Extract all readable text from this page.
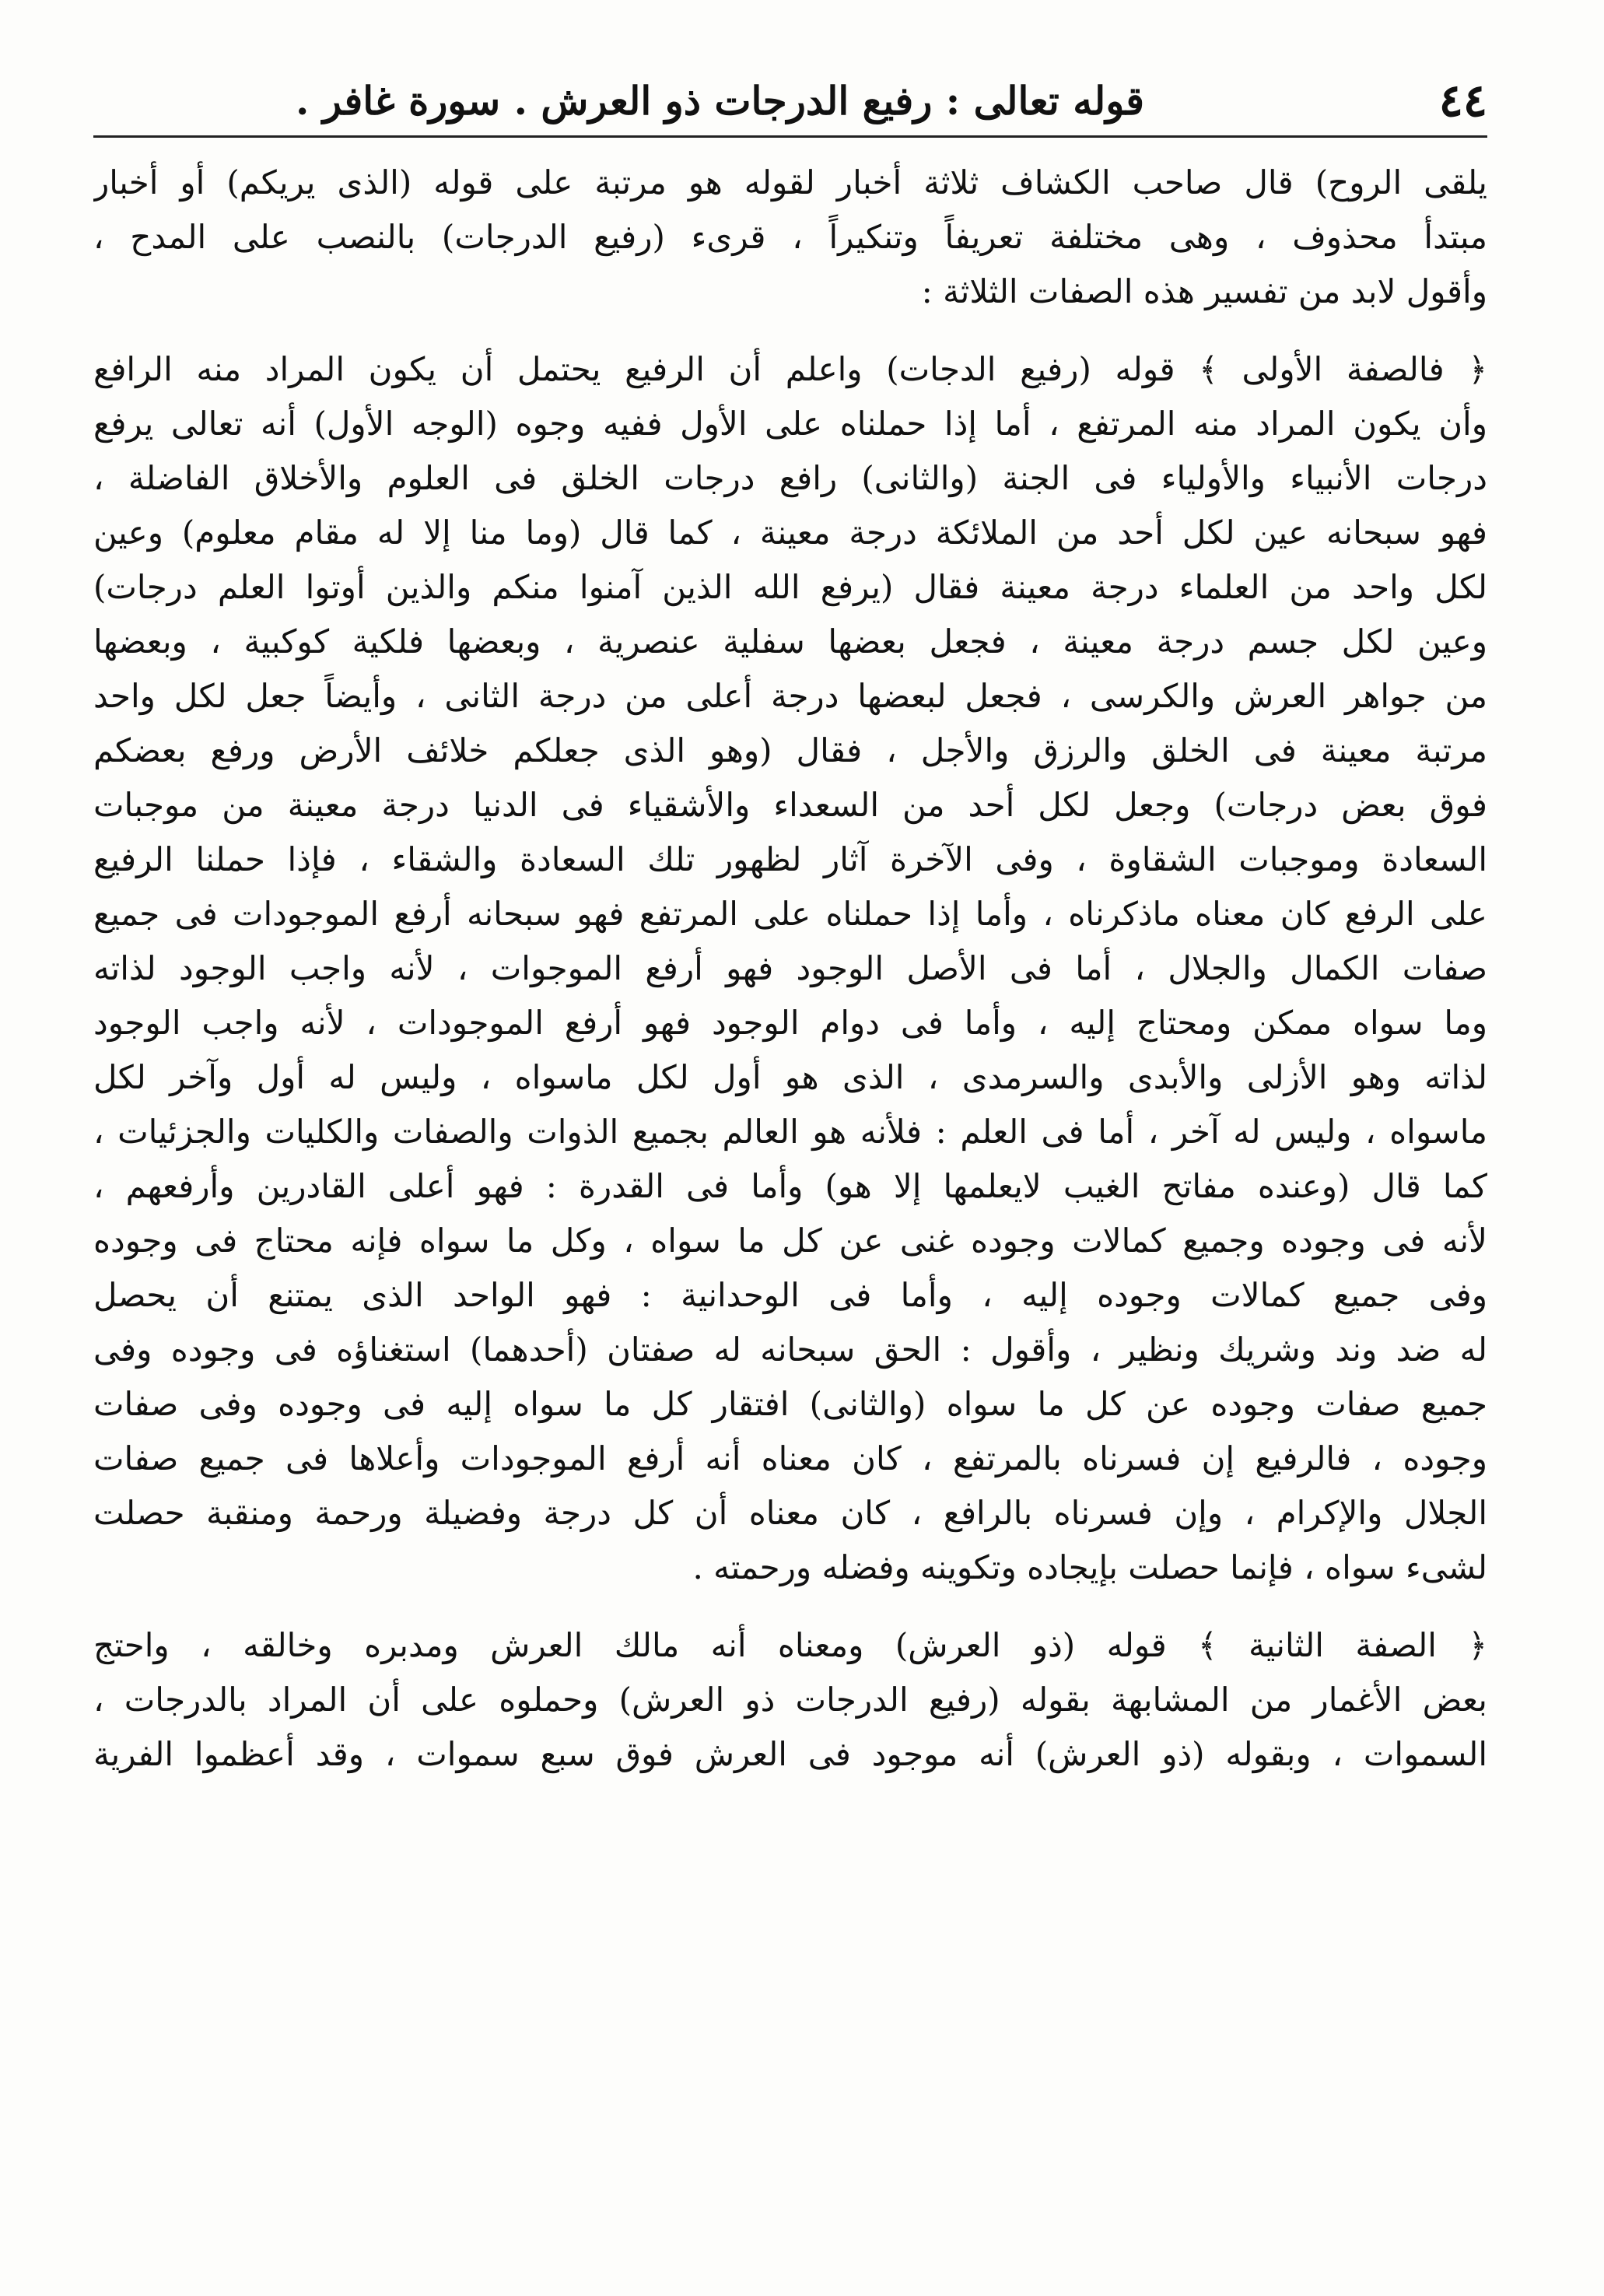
٤٤
قوله تعالى : رفيع الدرجات ذو العرش . سورة غافر .
يلقى الروح) قال صاحب الكشاف ثلاثة أخبار لقوله هو مرتبة على قوله (الذى يريكم) أو أخبار
مبتدأ محذوف ، وهى مختلفة تعريفاً وتنكيراً ، قرىء (رفيع الدرجات) بالنصب على المدح ،
وأقول لابد من تفسير هذه الصفات الثلاثة :
﴿ فالصفة الأولى ﴾ قوله (رفيع الدجات) واعلم أن الرفيع يحتمل أن يكون المراد منه الرافع
وأن يكون المراد منه المرتفع ، أما إذا حملناه على الأول ففيه وجوه (الوجه الأول) أنه تعالى يرفع
درجات الأنبياء والأولياء فى الجنة (والثانى) رافع درجات الخلق فى العلوم والأخلاق الفاضلة ،
فهو سبحانه عين لكل أحد من الملائكة درجة معينة ، كما قال (وما منا إلا له مقام معلوم) وعين
لكل واحد من العلماء درجة معينة فقال (يرفع الله الذين آمنوا منكم والذين أوتوا العلم درجات)
وعين لكل جسم درجة معينة ، فجعل بعضها سفلية عنصرية ، وبعضها فلكية كوكبية ، وبعضها
من جواهر العرش والكرسى ، فجعل لبعضها درجة أعلى من درجة الثانى ، وأيضاً جعل لكل واحد
مرتبة معينة فى الخلق والرزق والأجل ، فقال (وهو الذى جعلكم خلائف الأرض ورفع بعضكم
فوق بعض درجات) وجعل لكل أحد من السعداء والأشقياء فى الدنيا درجة معينة من موجبات
السعادة وموجبات الشقاوة ، وفى الآخرة آثار لظهور تلك السعادة والشقاء ، فإذا حملنا الرفيع
على الرفع كان معناه ماذكرناه ، وأما إذا حملناه على المرتفع فهو سبحانه أرفع الموجودات فى جميع
صفات الكمال والجلال ، أما فى الأصل الوجود فهو أرفع الموجوات ، لأنه واجب الوجود لذاته
وما سواه ممكن ومحتاج إليه ، وأما فى دوام الوجود فهو أرفع الموجودات ، لأنه واجب الوجود
لذاته وهو الأزلى والأبدى والسرمدى ، الذى هو أول لكل ماسواه ، وليس له أول وآخر لكل
ماسواه ، وليس له آخر ، أما فى العلم : فلأنه هو العالم بجميع الذوات والصفات والكليات والجزئيات ،
كما قال (وعنده مفاتح الغيب لايعلمها إلا هو) وأما فى القدرة : فهو أعلى القادرين وأرفعهم ،
لأنه فى وجوده وجميع كمالات وجوده غنى عن كل ما سواه ، وكل ما سواه فإنه محتاج فى وجوده
وفى جميع كمالات وجوده إليه ، وأما فى الوحدانية : فهو الواحد الذى يمتنع أن يحصل
له ضد وند وشريك ونظير ، وأقول : الحق سبحانه له صفتان (أحدهما) استغناؤه فى وجوده وفى
جميع صفات وجوده عن كل ما سواه (والثانى) افتقار كل ما سواه إليه فى وجوده وفى صفات
وجوده ، فالرفيع إن فسرناه بالمرتفع ، كان معناه أنه أرفع الموجودات وأعلاها فى جميع صفات
الجلال والإكرام ، وإن فسرناه بالرافع ، كان معناه أن كل درجة وفضيلة ورحمة ومنقبة حصلت
لشىء سواه ، فإنما حصلت بإيجاده وتكوينه وفضله ورحمته .
﴿ الصفة الثانية ﴾ قوله (ذو العرش) ومعناه أنه مالك العرش ومدبره وخالقه ، واحتج
بعض الأغمار من المشابهة بقوله (رفيع الدرجات ذو العرش) وحملوه على أن المراد بالدرجات ،
السموات ، وبقوله (ذو العرش) أنه موجود فى العرش فوق سبع سموات ، وقد أعظموا الفرية
